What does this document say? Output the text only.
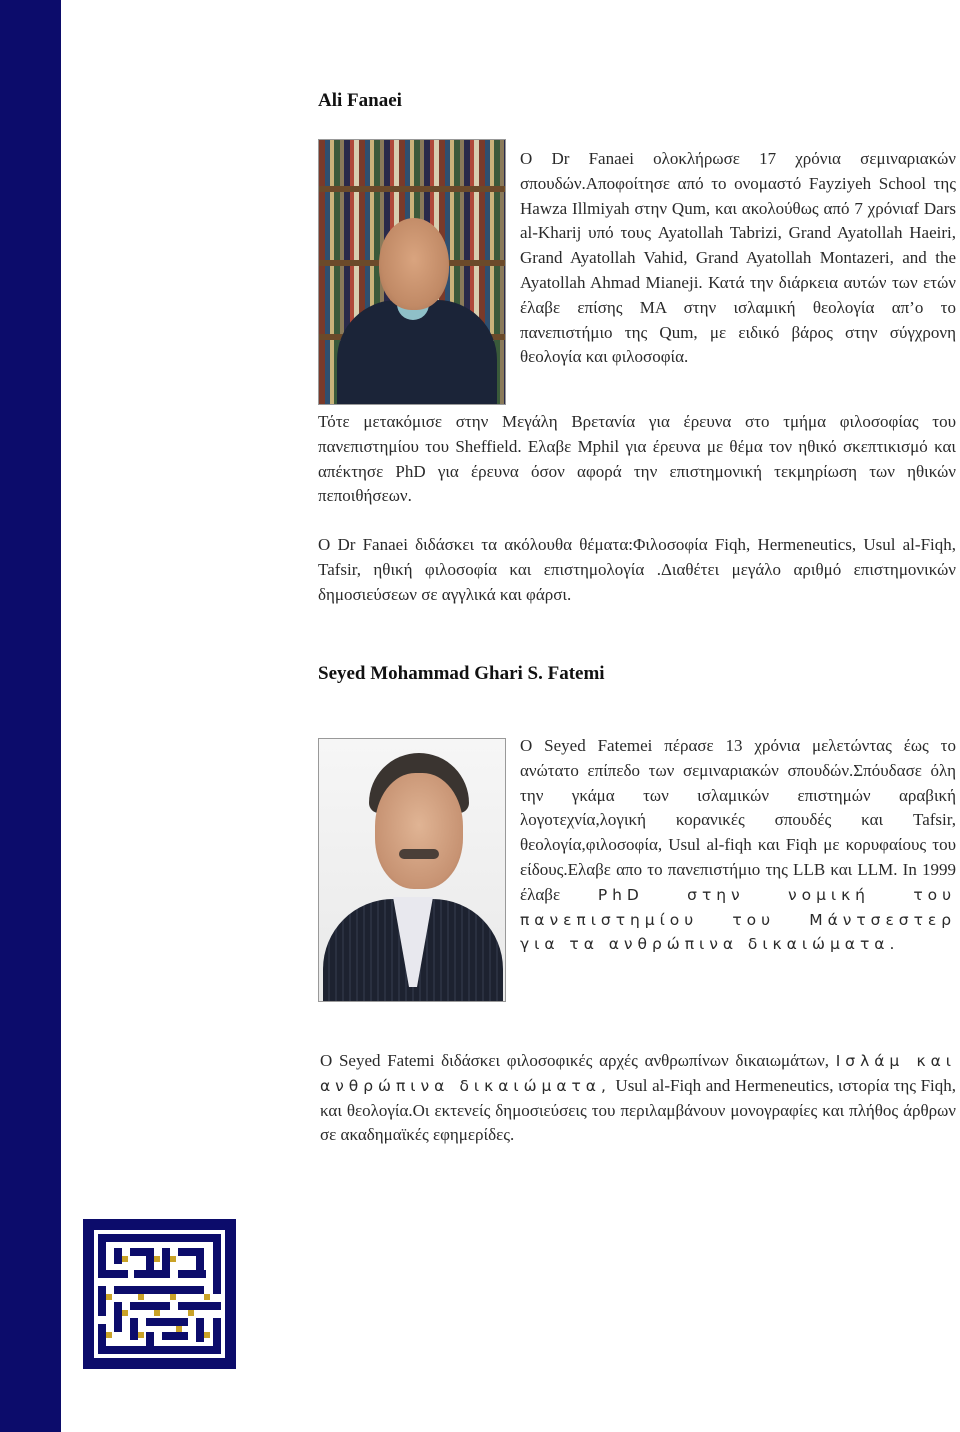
Ali Fanaei

Ο Dr Fanaei ολοκλήρωσε 17 χρόνια σεμιναριακών σπουδών.Αποφοίτησε από το ονομαστό Fayziyeh School της Hawza Illmiyah στην Qum, και ακολούθως από 7 χρόνιαf Dars al-Kharij υπό τους Ayatollah Tabrizi, Grand Ayatollah Haeiri, Grand Ayatollah Vahid, Grand Ayatollah Montazeri, and the Ayatollah Ahmad Mianeji. Κατά την διάρκεια αυτών των ετών έλαβε επίσης MA στην ισλαμική θεολογία απ’ο το πανεπιστήμιο της Qum, με ειδικό βάρος στην σύγχρονη θεολογία και φιλοσοφία.

Τότε μετακόμισε στην Μεγάλη Βρετανία για έρευνα στο τμήμα φιλοσοφίας του πανεπιστημίου του Sheffield. Ελαβε Mphil για έρευνα με θέμα τον ηθικό σκεπτικισμό και απέκτησε PhD για έρευνα όσον αφορά την επιστημονική τεκμηρίωση των ηθικών πεποιθήσεων.

Ο Dr Fanaei διδάσκει τα ακόλουθα θέματα:Φιλοσοφία Fiqh, Hermeneutics, Usul al-Fiqh, Tafsir, ηθική φιλοσοφία και επιστημολογία .Διαθέτει μεγάλο αριθμό επιστημονικών δημοσιεύσεων σε αγγλικά και φάρσι.

Seyed Mohammad Ghari S. Fatemi

Ο Seyed Fatemei πέρασε 13 χρόνια μελετώντας έως το ανώτατο επίπεδο των σεμιναριακών σπουδών.Σπόυδασε όλη την γκάμα των ισλαμικών επιστημών αραβική λογοτεχνία,λογική κορανικές σπουδές και Tafsir, θεολογία,φιλοσοφία, Usul al-fiqh και Fiqh με κορυφαίους του είδους.Ελαβε απο το πανεπιστήμιο της LLB και LLM. In 1999 έλαβε PhD στην νομική του πανεπιστημίου του Μάντσεστερ για τα ανθρώπινα δικαιώματα.

Ο Seyed Fatemi διδάσκει φιλοσοφικές αρχές ανθρωπίνων δικαιωμάτων, Ισλάμ και ανθρώπινα δικαιώματα, Usul al-Fiqh and Hermeneutics, ιστορία της Fiqh, και θεολογία.Οι εκτενείς δημοσιεύσεις του περιλαμβάνουν μονογραφίες και πλήθος άρθρων σε ακαδημαϊκές εφημερίδες.
